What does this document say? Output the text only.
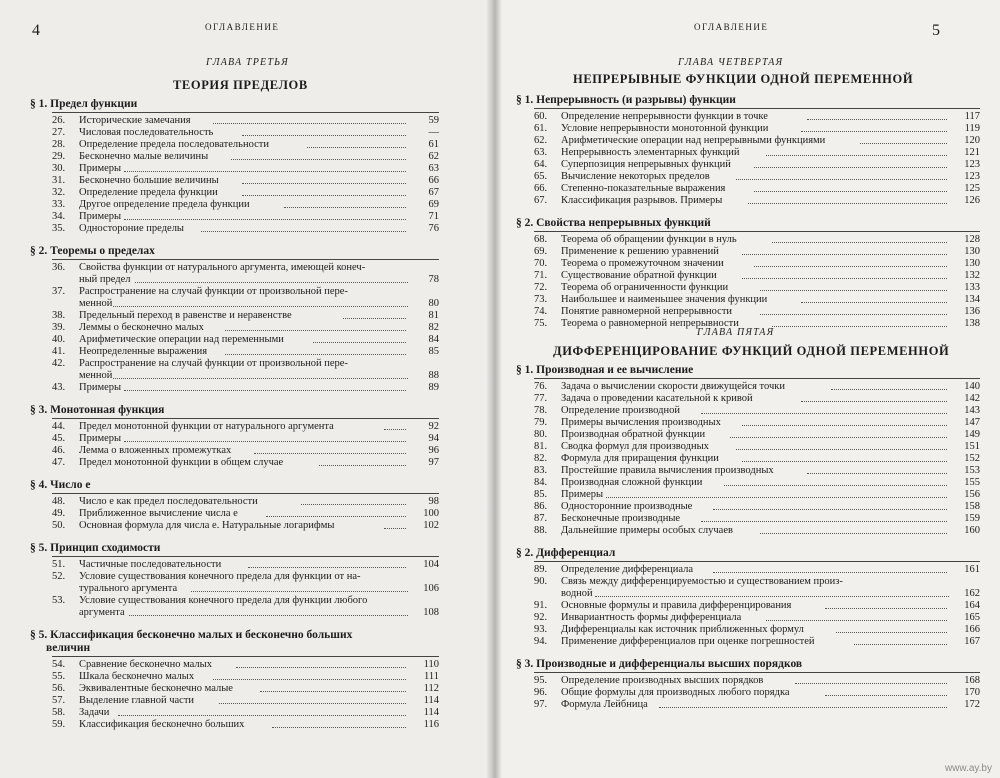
4	ОГЛАВЛЕНИЕ
ГЛАВА ТРЕТЬЯ
ТЕОРИЯ ПРЕДЕЛОВ
§ 1. Предел функции
26. Исторические замечания	59
27. Числовая последовательность	—
28. Определение предела последовательности	61
29. Бесконечно малые величины	62
30. Примеры	63
31. Бесконечно большие величины	66
32. Определение предела функции	67
33. Другое определение предела функции	69
34. Примеры	71
35. Одностороние пределы	76
§ 2. Теоремы о пределах
36. Свойства функции от натурального аргумента, имеющей конеч-
ный предел	78
37. Распространение на случай функции от произвольной пере-
менной	80
38. Предельный переход в равенстве и неравенстве	81
39. Леммы о бесконечно малых	82
40. Арифметические операции над переменными	84
41. Неопределенные выражения	85
42. Распространение на случай функции от произвольной пере-
менной	88
43. Примеры	89
§ 3. Монотонная функция
44. Предел монотонной функции от натурального аргумента	92
45. Примеры	94
46. Лемма о вложенных промежутках	96
47. Предел монотонной функции в общем случае	97
§ 4. Число е
48. Число е как предел последовательности	98
49. Приближенное вычисление числа е	100
50. Основная формула для числа е. Натуральные логарифмы	102
§ 5. Принцип сходимости
51. Частичные последовательности	104
52. Условие существования конечного предела для функции от на-
турального аргумента	106
53. Условие существования конечного предела для функции любого
аргумента	108
§ 5. Классификация бесконечно малых и бесконечно больших
величин
54. Сравнение бесконечно малых	110
55. Шкала бесконечно малых	111
56. Эквивалентные бесконечно малые	112
57. Выделение главной части	114
58. Задачи	114
59. Классификация бесконечно больших	116
ОГЛАВЛЕНИЕ	5
ГЛАВА ЧЕТВЕРТАЯ
НЕПРЕРЫВНЫЕ ФУНКЦИИ ОДНОЙ ПЕРЕМЕННОЙ
ГЛАВА ПЯТАЯ
ДИФФЕРЕНЦИРОВАНИЕ ФУНКЦИЙ ОДНОЙ ПЕРЕМЕННОЙ
§ 1. Непрерывность (и разрывы) функции
60. Определение непрерывности функции в точке	117
61. Условие непрерывности монотонной функции	119
62. Арифметические операции над непрерывными функциями	120
63. Непрерывность элементарных функций	121
64. Суперпозиция непрерывных функций	123
65. Вычисление некоторых пределов	123
66. Степенно-показательные выражения	125
67. Классификация разрывов. Примеры	126
§ 2. Свойства непрерывных функций
68. Теорема об обращении функции в нуль	128
69. Применение к решению уравнений	130
70. Теорема о промежуточном значении	130
71. Существование обратной функции	132
72. Теорема об ограниченности функции	133
73. Наибольшее и наименьшее значения функции	134
74. Понятие равномерной непрерывности	136
75. Теорема о равномерной непрерывности	138
§ 1. Производная и ее вычисление
76. Задача о вычислении скорости движущейся точки	140
77. Задача о проведении касательной к кривой	142
78. Определение производной	143
79. Примеры вычисления производных	147
80. Производная обратной функции	149
81. Сводка формул для производных	151
82. Формула для приращения функции	152
83. Простейшие правила вычисления производных	153
84. Производная сложной функции	155
85. Примеры	156
86. Односторонние производные	158
87. Бесконечные производные	159
88. Дальнейшие примеры особых случаев	160
§ 2. Дифференциал
89. Определение дифференциала	161
90. Связь между дифференцируемостью и существованием произ-
водной	162
91. Основные формулы и правила дифференцирования	164
92. Инвариантность формы дифференциала	165
93. Дифференциалы как источник приближенных формул	166
94. Применение дифференциалов при оценке погрешностей	167
§ 3. Производные и дифференциалы высших порядков
95. Определение производных высших порядков	168
96. Общие формулы для производных любого порядка	170
97. Формула Лейбница	172
www.ay.by
